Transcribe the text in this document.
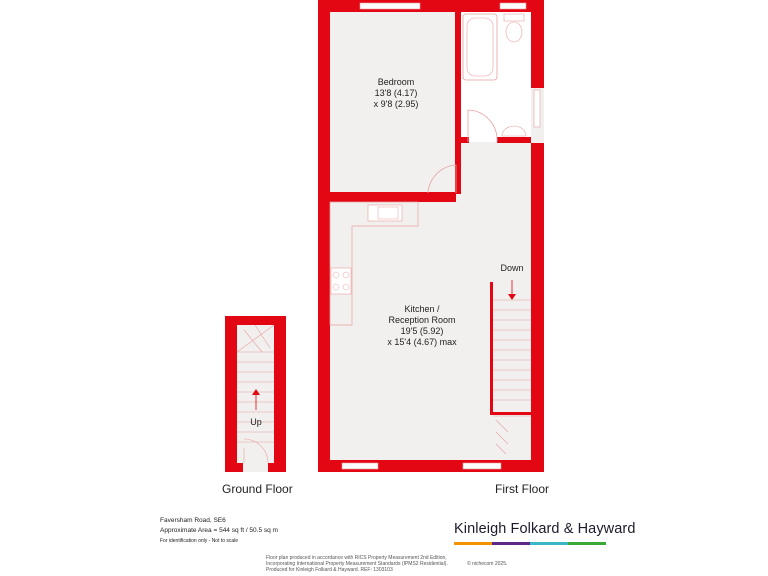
Bedroom
13'8 (4.17)
x 9'8 (2.95)
Kitchen /
Reception Room
19'5 (5.92)
x 15'4 (4.67) max
Down
Up
Ground Floor	First Floor
Faversham Road, SE6
Approximate Area = 544 sq ft / 50.5 sq m
For identification only - Not to scale
Kinleigh Folkard & Hayward
Floor plan produced in accordance with RICS Property Measurement 2nd Edition,
Incorporating International Property Measurement Standards (IPMS2 Residential).
Produced for Kinleigh Folkard & Hayward. REF: 1303103
© nichecom 2025.
